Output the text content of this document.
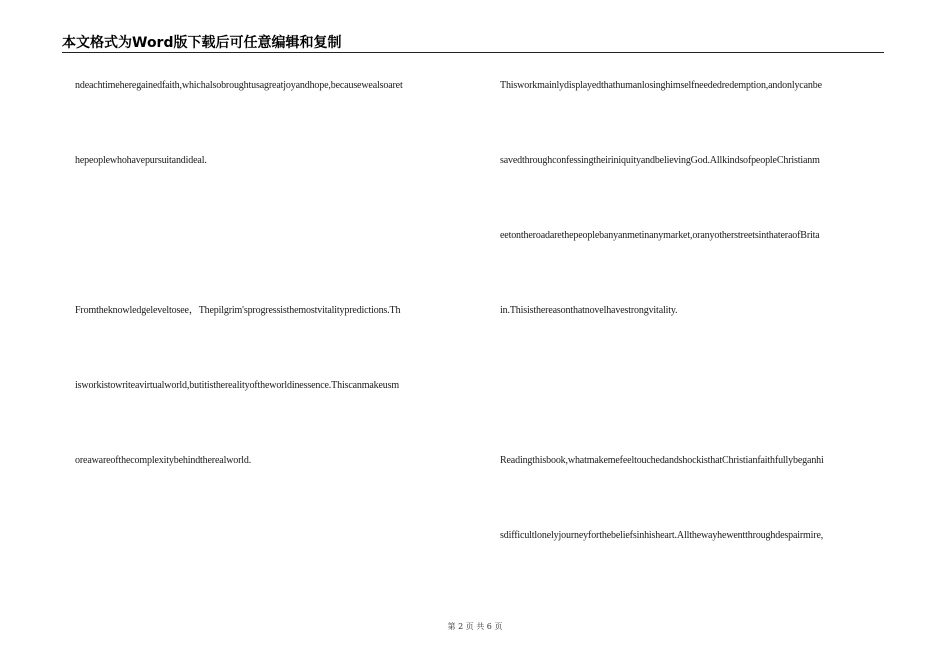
本文格式为Word版下载后可任意编辑和复制
ndeachtimeheregainedfaith,whichalsobroughtusagreatjoyandhope,becausewealsoaret
hepeoplewhohavepursuitandideal.
Fromtheknowledgeleveltosee，Thepilgrim'sprogressisthemostvitalitypredictions.Th
isworkistowriteavirtualworld,butitistherealityoftheworldinessence.Thiscanmakeusm
oreawareofthecomplexitybehindtherealworld.
Thisworkmainlydisplayedthathumanlosinghimselfneededredemption,andonlycanbe
savedthroughconfessingtheiriniquityandbelievingGod.AllkindsofpeopleChristianm
eetontheroadarethepeoplebanyanmetinanymarket,oranyotherstreetsinthateraofBrita
in.Thisisthereasonthatnovelhavestrongvitality.
Readingthisbook,whatmakemefeeltouchedandshockisthatChristianfaithfullybeganhi
sdifficultlonelyjourneyforthebeliefsinhisheart.Allthewayhewentthroughdespairmire,
第 2 页 共 6 页
